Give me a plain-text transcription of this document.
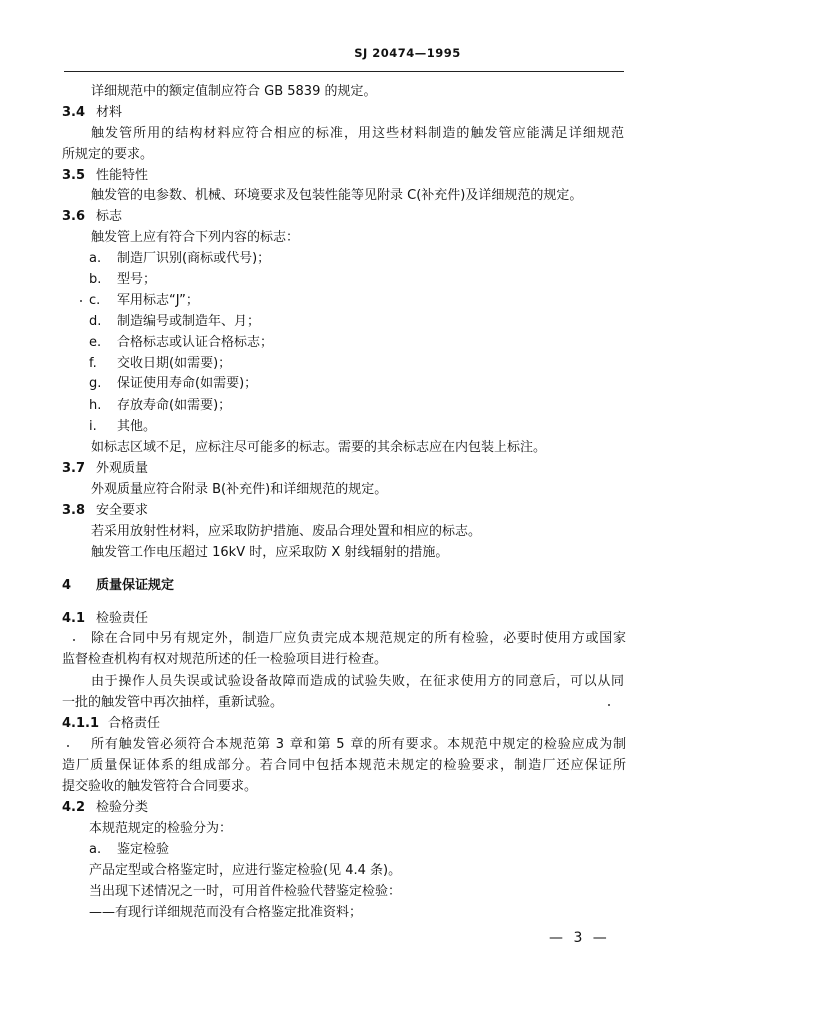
SJ 20474—1995
详细规范中的额定值制应符合 GB 5839 的规定。
3.4 材料
触发管所用的结构材料应符合相应的标准，用这些材料制造的触发管应能满足详细规范
所规定的要求。
3.5 性能特性
触发管的电参数、机械、环境要求及包装性能等见附录 C(补充件)及详细规范的规定。
3.6 标志
触发管上应有符合下列内容的标志：
a. 制造厂识别(商标或代号)；
b. 型号；
c. 军用标志“J”；
d. 制造编号或制造年、月；
e. 合格标志或认证合格标志；
f. 交收日期(如需要)；
g. 保证使用寿命(如需要)；
h. 存放寿命(如需要)；
i. 其他。
如标志区域不足，应标注尽可能多的标志。需要的其余标志应在内包装上标注。
3.7 外观质量
外观质量应符合附录 B(补充件)和详细规范的规定。
3.8 安全要求
若采用放射性材料，应采取防护措施、废品合理处置和相应的标志。
触发管工作电压超过 16kV 时，应采取防 X 射线辐射的措施。
4 质量保证规定
4.1 检验责任
除在合同中另有规定外，制造厂应负责完成本规范规定的所有检验，必要时使用方或国家
监督检查机构有权对规范所述的任一检验项目进行检查。
由于操作人员失误或试验设备故障而造成的试验失败，在征求使用方的同意后，可以从同
一批的触发管中再次抽样，重新试验。
4.1.1 合格责任
所有触发管必须符合本规范第 3 章和第 5 章的所有要求。本规范中规定的检验应成为制
造厂质量保证体系的组成部分。若合同中包括本规范未规定的检验要求，制造厂还应保证所
提交验收的触发管符合合同要求。
4.2 检验分类
本规范规定的检验分为：
a. 鉴定检验
产品定型或合格鉴定时，应进行鉴定检验(见 4.4 条)。
当出现下述情况之一时，可用首件检验代替鉴定检验：
——有现行详细规范而没有合格鉴定批准资料；
— 3 —
